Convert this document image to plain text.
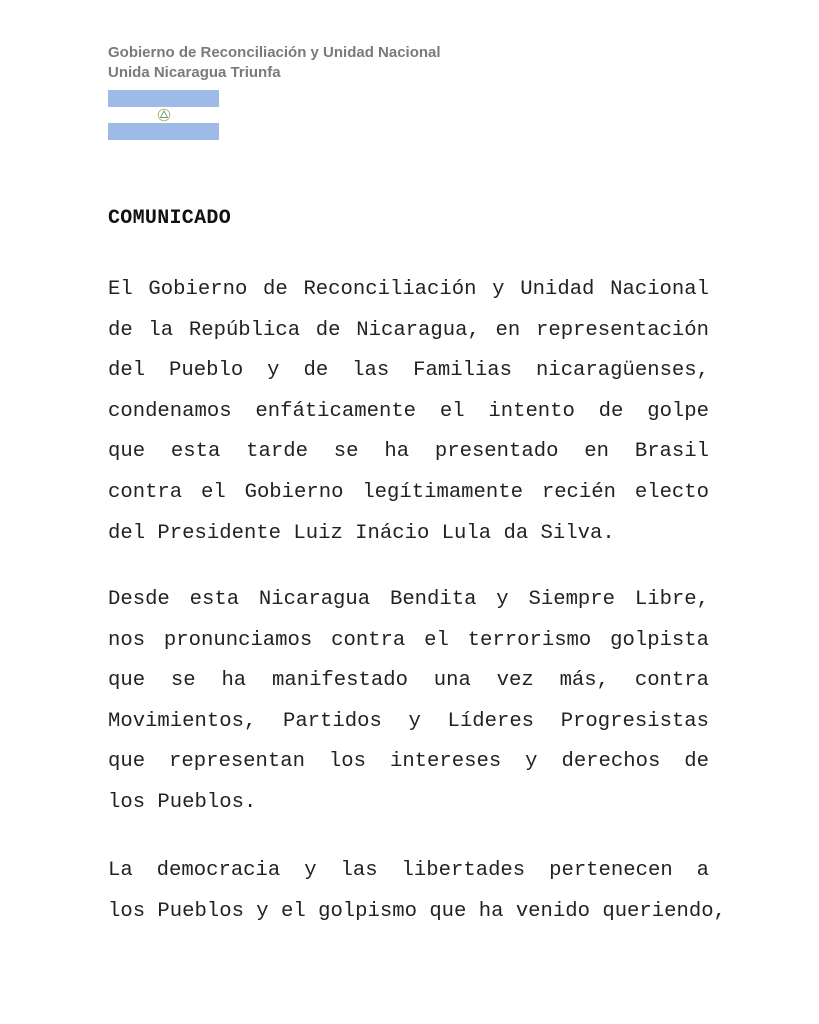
Gobierno de Reconciliación y Unidad Nacional
Unida Nicaragua Triunfa
COMUNICADO
El Gobierno de Reconciliación y Unidad Nacional
de la República de Nicaragua, en representación
del Pueblo y de las Familias nicaragüenses,
condenamos enfáticamente el intento de golpe
que esta tarde se ha presentado en Brasil
contra el Gobierno legítimamente recién electo
del Presidente Luiz Inácio Lula da Silva.
Desde esta Nicaragua Bendita y Siempre Libre,
nos pronunciamos contra el terrorismo golpista
que se ha manifestado una vez más, contra
Movimientos, Partidos y Líderes Progresistas
que representan los intereses y derechos de
los Pueblos.
La democracia y las libertades pertenecen a
los Pueblos y el golpismo que ha venido queriendo,
